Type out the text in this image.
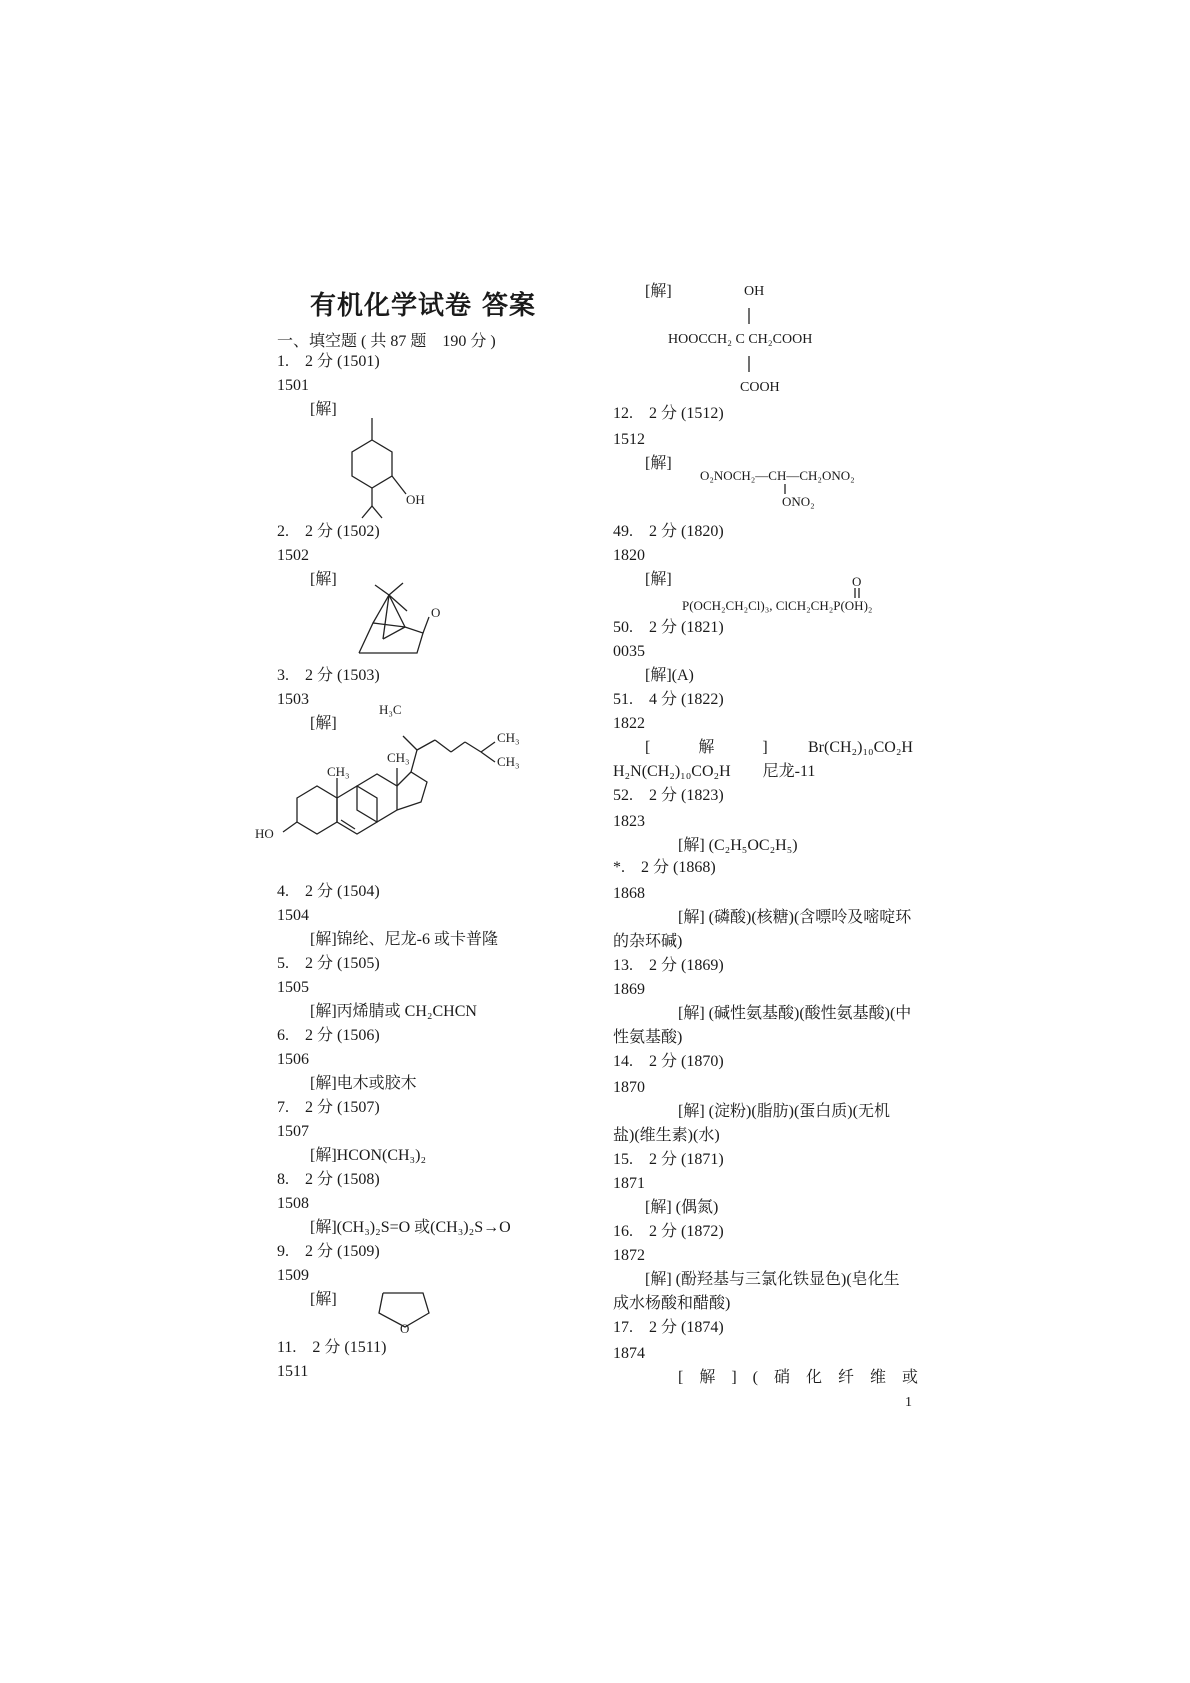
有机化学试卷 答案
一、填空题 ( 共 87 题　190 分 )
1.　2 分 (1501)
1501
[解]
OH
2.　2 分 (1502)
1502
[解]
O
3.　2 分 (1503)
1503
[解]
H₃C
CH₃
CH₃
CH₃
CH₃
HO
4.　2 分 (1504)
1504
[解]锦纶、尼龙-6 或卡普隆
5.　2 分 (1505)
1505
[解]丙烯腈或 CH₂CHCN
6.　2 分 (1506)
1506
[解]电木或胶木
7.　2 分 (1507)
1507
[解]HCON(CH₃)₂
8.　2 分 (1508)
1508
[解](CH₃)₂S=O 或(CH₃)₂S→O
9.　2 分 (1509)
1509
[解]
O
11.　2 分 (1511)
1511
[解]	OH
HOOCCH₂ C CH₂COOH
COOH
12.　2 分 (1512)
1512
[解]
O₂NOCH₂—CH—CH₂ONO₂
ONO₂
49.　2 分 (1820)
1820
[解]	O
P(OCH₂CH₂Cl)₃, ClCH₂CH₂P(OH)₂
50.　2 分 (1821)
0035
[解](A)
51.　4 分 (1822)
1822
[　　　解　　　]	Br(CH₂)₁₀CO₂H
H₂N(CH₂)₁₀CO₂H　　尼龙-11
52.　2 分 (1823)
1823
[解] (C₂H₅OC₂H₅)
*.　2 分 (1868)
1868
[解] (磷酸)(核糖)(含嘌呤及嘧啶环
的杂环碱)
13.　2 分 (1869)
1869
[解] (碱性氨基酸)(酸性氨基酸)(中
性氨基酸)
14.　2 分 (1870)
1870
[解] (淀粉)(脂肪)(蛋白质)(无机
盐)(维生素)(水)
15.　2 分 (1871)
1871
[解] (偶氮)
16.　2 分 (1872)
1872
[解] (酚羟基与三氯化铁显色)(皂化生
成水杨酸和醋酸)
17.　2 分 (1874)
1874
[　解　]　(　硝　化　纤　维　或
1
